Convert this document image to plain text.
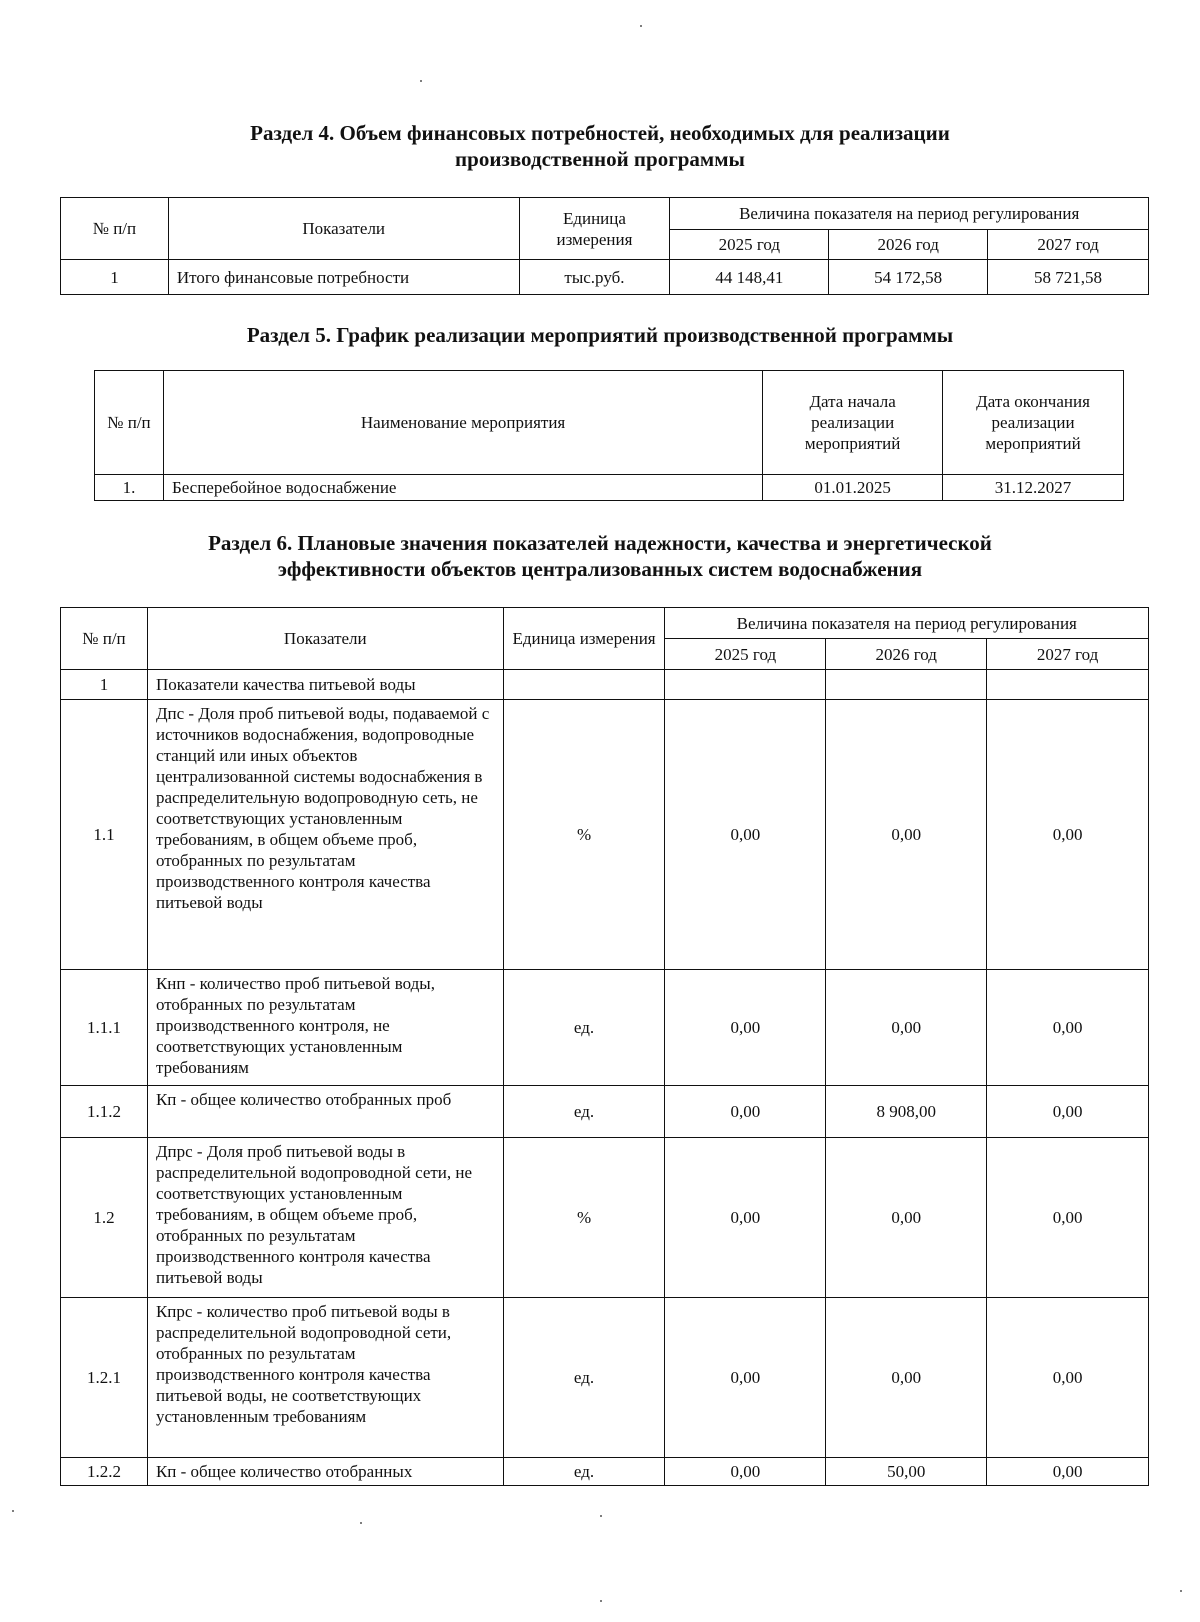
Раздел 4. Объем финансовых потребностей, необходимых для реализации
производственной программы
№ п/п	Показатели	Единица измерения	Величина показателя на период регулирования		
			2025 год	2026 год	2027 год
1	Итого финансовые потребности	тыс.руб.	44 148,41	54 172,58	58 721,58
Раздел 5. График реализации мероприятий производственной программы
№ п/п	Наименование мероприятия	Дата начала реализации мероприятий	Дата окончания реализации мероприятий
1.	Бесперебойное водоснабжение	01.01.2025	31.12.2027
Раздел 6. Плановые значения показателей надежности, качества и энергетической
эффективности объектов централизованных систем водоснабжения
№ п/п	Показатели	Единица измерения	Величина показателя на период регулирования		
			2025 год	2026 год	2027 год
1	Показатели качества питьевой воды				
1.1	Дпс - Доля проб питьевой воды, подаваемой с источников водоснабжения, водопроводные станций или иных объектов централизованной системы водоснабжения в распределительную водопроводную сеть, не соответствующих установленным требованиям, в общем объеме проб, отобранных по результатам производственного контроля качества питьевой воды	%	0,00	0,00	0,00
1.1.1	Кнп - количество проб питьевой воды, отобранных по результатам производственного контроля, не соответствующих установленным требованиям	ед.	0,00	0,00	0,00
1.1.2	Кп - общее количество отобранных проб	ед.	0,00	8 908,00	0,00
1.2	Дпрс - Доля проб питьевой воды в распределительной водопроводной сети, не соответствующих установленным требованиям, в общем объеме проб, отобранных по результатам производственного контроля качества питьевой воды	%	0,00	0,00	0,00
1.2.1	Кпрс - количество проб питьевой воды в распределительной водопроводной сети, отобранных по результатам производственного контроля качества питьевой воды, не соответствующих установленным требованиям	ед.	0,00	0,00	0,00
1.2.2	Кп - общее количество отобранных	ед.	0,00	50,00	0,00
